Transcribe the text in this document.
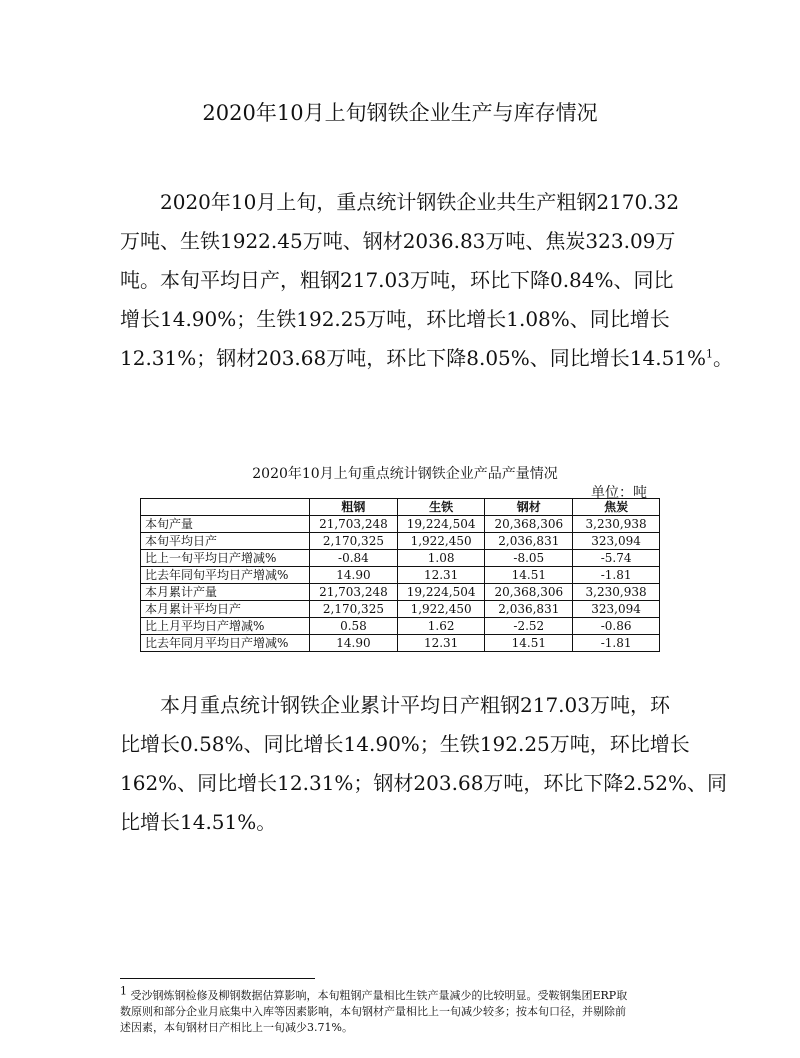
2020年10月上旬钢铁企业生产与库存情况

2020年10月上旬，重点统计钢铁企业共生产粗钢2170.32
万吨、生铁1922.45万吨、钢材2036.83万吨、焦炭323.09万
吨。本旬平均日产，粗钢217.03万吨，环比下降0.84%、同比
增长14.90%；生铁192.25万吨，环比增长1.08%、同比增长
12.31%；钢材203.68万吨，环比下降8.05%、同比增长14.51%$^1$。

2020年10月上旬重点统计钢铁企业产品产量情况
单位：吨
	粗钢	生铁	钢材	焦炭
本旬产量	21,703,248	19,224,504	20,368,306	3,230,938
本旬平均日产	2,170,325	1,922,450	2,036,831	323,094
比上一旬平均日产增减%	-0.84	1.08	-8.05	-5.74
比去年同旬平均日产增减%	14.90	12.31	14.51	-1.81
本月累计产量	21,703,248	19,224,504	20,368,306	3,230,938
本月累计平均日产	2,170,325	1,922,450	2,036,831	323,094
比上月平均日产增减%	0.58	1.62	-2.52	-0.86
比去年同月平均日产增减%	14.90	12.31	14.51	-1.81

本月重点统计钢铁企业累计平均日产粗钢217.03万吨，环
比增长0.58%、同比增长14.90%；生铁192.25万吨，环比增长
162%、同比增长12.31%；钢材203.68万吨，环比下降2.52%、同
比增长14.51%。

$^1$ 受沙钢炼钢检修及柳钢数据估算影响，本旬粗钢产量相比生铁产量减少的比较明显。受鞍钢集团ERP取
数原则和部分企业月底集中入库等因素影响，本旬钢材产量相比上一旬减少较多；按本旬口径，并剔除前
述因素，本旬钢材日产相比上一旬减少3.71%。
